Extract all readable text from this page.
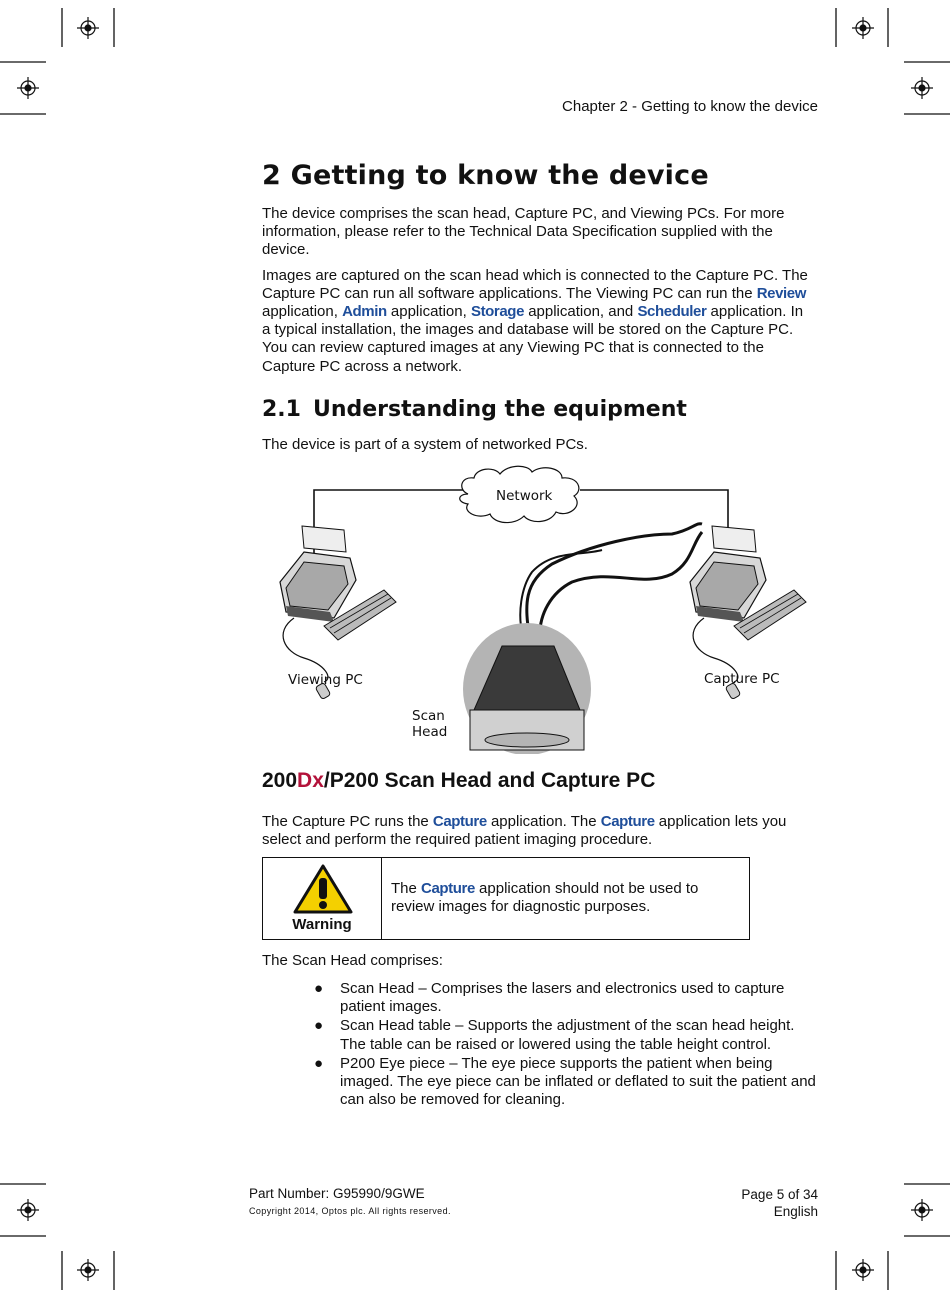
Chapter 2 - Getting to know the device
2 Getting to know the device

The device comprises the scan head, Capture PC, and Viewing PCs. For more information, please refer to the Technical Data Specification supplied with the device.

Images are captured on the scan head which is connected to the Capture PC. The Capture PC can run all software applications. The Viewing PC can run the Review application, Admin application, Storage application, and Scheduler application. In a typical installation, the images and database will be stored on the Capture PC. You can review captured images at any Viewing PC that is connected to the Capture PC across a network.

2.1 Understanding the equipment

The device is part of a system of networked PCs.

Network
Viewing PC	Capture PC
Scan
Head
200Dx/P200 Scan Head and Capture PC

The Capture PC runs the Capture application. The Capture application lets you select and perform the required patient imaging procedure.

Warning

The Capture application should not be used to review images for diagnostic purposes.

The Scan Head comprises:

● Scan Head – Comprises the lasers and electronics used to capture patient images.
● Scan Head table – Supports the adjustment of the scan head height. The table can be raised or lowered using the table height control.
● P200 Eye piece – The eye piece supports the patient when being imaged. The eye piece can be inflated or deflated to suit the patient and can also be removed for cleaning.
Part Number: G95990/9GWE
Copyright 2014, Optos plc. All rights reserved.
Page 5 of 34
English
